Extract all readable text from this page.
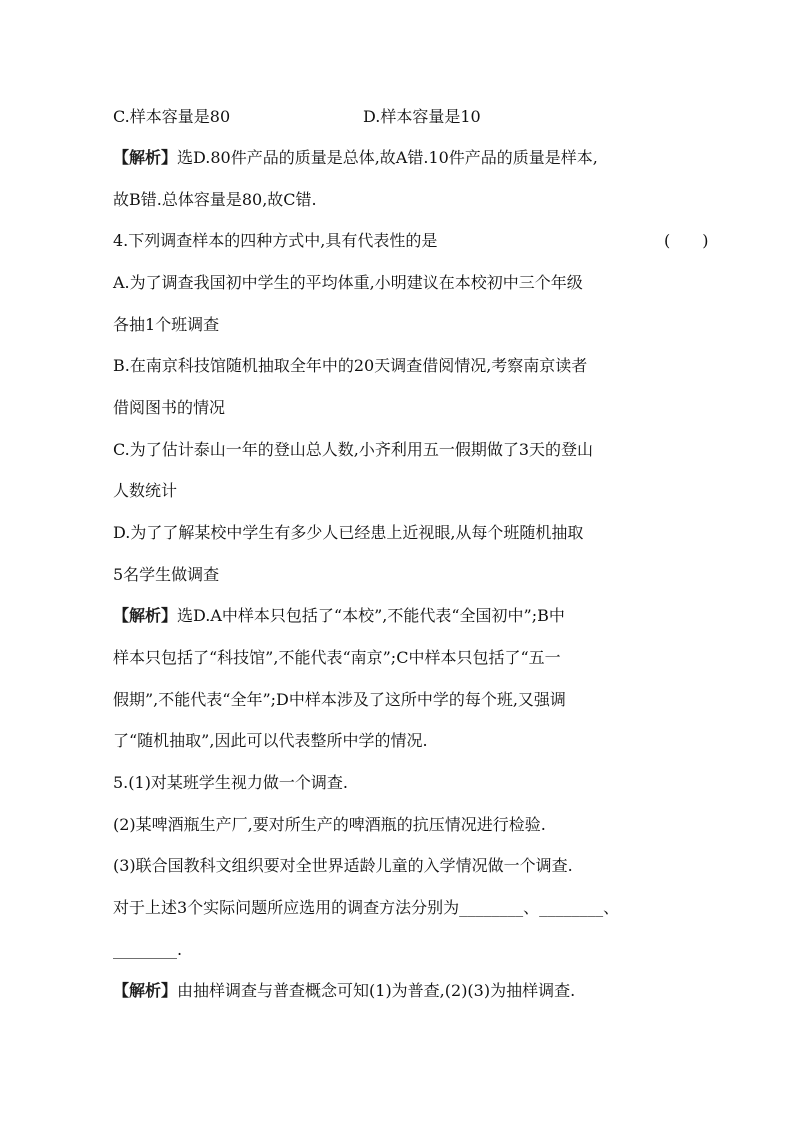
C.样本容量是80	D.样本容量是10
【解析】选D.80件产品的质量是总体,故A错.10件产品的质量是样本,
故B错.总体容量是80,故C错.
4.下列调查样本的四种方式中,具有代表性的是	(　　)
A.为了调查我国初中学生的平均体重,小明建议在本校初中三个年级
各抽1个班调查
B.在南京科技馆随机抽取全年中的20天调查借阅情况,考察南京读者
借阅图书的情况
C.为了估计泰山一年的登山总人数,小齐利用五一假期做了3天的登山
人数统计
D.为了了解某校中学生有多少人已经患上近视眼,从每个班随机抽取
5名学生做调查
【解析】选D.A中样本只包括了“本校”,不能代表“全国初中”;B中
样本只包括了“科技馆”,不能代表“南京”;C中样本只包括了“五一
假期”,不能代表“全年”;D中样本涉及了这所中学的每个班,又强调
了“随机抽取”,因此可以代表整所中学的情况.
5.(1)对某班学生视力做一个调查.
(2)某啤酒瓶生产厂,要对所生产的啤酒瓶的抗压情况进行检验.
(3)联合国教科文组织要对全世界适龄儿童的入学情况做一个调查.
对于上述3个实际问题所应选用的调查方法分别为________、________、
________.
【解析】由抽样调查与普查概念可知(1)为普查,(2)(3)为抽样调查.
